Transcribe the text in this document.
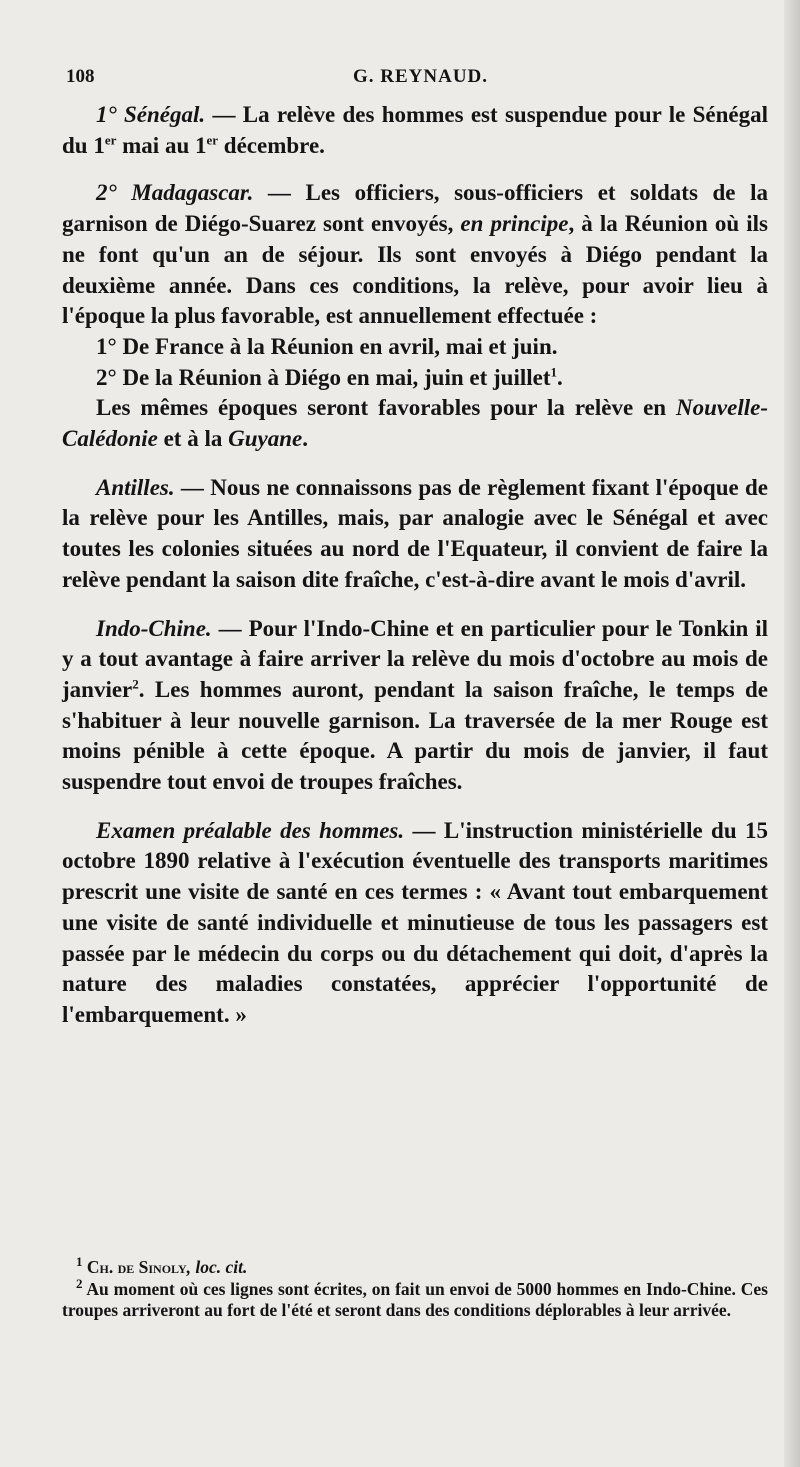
108	G. REYNAUD.

1° Sénégal. — La relève des hommes est suspendue pour le Sénégal du 1er mai au 1er décembre.

2° Madagascar. — Les officiers, sous-officiers et soldats de la garnison de Diégo-Suarez sont envoyés, en principe, à la Réunion où ils ne font qu'un an de séjour. Ils sont envoyés à Diégo pendant la deuxième année. Dans ces conditions, la relève, pour avoir lieu à l'époque la plus favorable, est annuellement effectuée :

1° De France à la Réunion en avril, mai et juin.

2° De la Réunion à Diégo en mai, juin et juillet$^1$.

Les mêmes époques seront favorables pour la relève en Nouvelle-Calédonie et à la Guyane.

Antilles. — Nous ne connaissons pas de règlement fixant l'époque de la relève pour les Antilles, mais, par analogie avec le Sénégal et avec toutes les colonies situées au nord de l'Equateur, il convient de faire la relève pendant la saison dite fraîche, c'est-à-dire avant le mois d'avril.

Indo-Chine. — Pour l'Indo-Chine et en particulier pour le Tonkin il y a tout avantage à faire arriver la relève du mois d'octobre au mois de janvier$^2$. Les hommes auront, pendant la saison fraîche, le temps de s'habituer à leur nouvelle garnison. La traversée de la mer Rouge est moins pénible à cette époque. A partir du mois de janvier, il faut suspendre tout envoi de troupes fraîches.

Examen préalable des hommes. — L'instruction ministérielle du 15 octobre 1890 relative à l'exécution éventuelle des transports maritimes prescrit une visite de santé en ces termes : « Avant tout embarquement une visite de santé individuelle et minutieuse de tous les passagers est passée par le médecin du corps ou du détachement qui doit, d'après la nature des maladies constatées, apprécier l'opportunité de l'embarquement. »

$^1$ Ch. de Sinoly, loc. cit.

$^2$ Au moment où ces lignes sont écrites, on fait un envoi de 5000 hommes en Indo-Chine. Ces troupes arriveront au fort de l'été et seront dans des conditions déplorables à leur arrivée.
